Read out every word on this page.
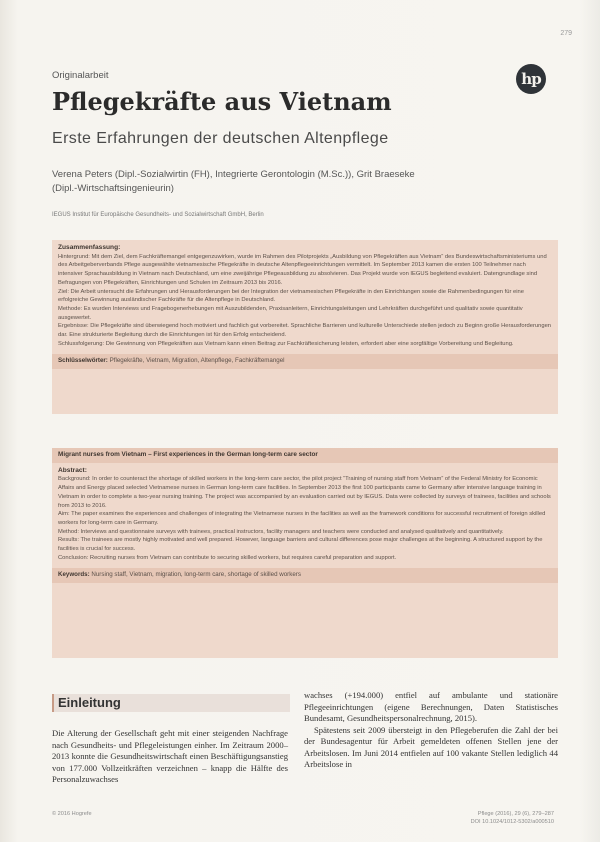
279
Originalarbeit	hp
Pflegekräfte aus Vietnam
Erste Erfahrungen der deutschen Altenpflege
Verena Peters (Dipl.-Sozialwirtin (FH), Integrierte Gerontologin (M.Sc.)), Grit Braeseke
(Dipl.-Wirtschaftsingenieurin)
IEGUS Institut für Europäische Gesundheits- und Sozialwirtschaft GmbH, Berlin

Zusammenfassung:

Hintergrund: Mit dem Ziel, dem Fachkräftemangel entgegenzuwirken, wurde im Rahmen des Pilotprojekts „Ausbildung von Pflegekräften aus Vietnam“ des Bundeswirtschaftsministeriums und des Arbeitgeberverbands Pflege ausgewählte vietnamesische Pflegekräfte in deutsche Altenpflegeeinrichtungen vermittelt. Im September 2013 kamen die ersten 100 Teilnehmer nach intensiver Sprachausbildung in Vietnam nach Deutschland, um eine zweijährige Pflegeausbildung zu absolvieren. Das Projekt wurde von IEGUS begleitend evaluiert. Datengrundlage sind Befragungen von Pflegekräften, Einrichtungen und Schulen im Zeitraum 2013 bis 2016.

Ziel: Die Arbeit untersucht die Erfahrungen und Herausforderungen bei der Integration der vietnamesischen Pflegekräfte in den Einrichtungen sowie die Rahmenbedingungen für eine erfolgreiche Gewinnung ausländischer Fachkräfte für die Altenpflege in Deutschland.

Methode: Es wurden Interviews und Fragebogenerhebungen mit Auszubildenden, Praxisanleitern, Einrichtungsleitungen und Lehrkräften durchgeführt und qualitativ sowie quantitativ ausgewertet.

Ergebnisse: Die Pflegekräfte sind überwiegend hoch motiviert und fachlich gut vorbereitet. Sprachliche Barrieren und kulturelle Unterschiede stellen jedoch zu Beginn große Herausforderungen dar. Eine strukturierte Begleitung durch die Einrichtungen ist für den Erfolg entscheidend.

Schlussfolgerung: Die Gewinnung von Pflegekräften aus Vietnam kann einen Beitrag zur Fachkräftesicherung leisten, erfordert aber eine sorgfältige Vorbereitung und Begleitung.

Schlüsselwörter: Pflegekräfte, Vietnam, Migration, Altenpflege, Fachkräftemangel
Migrant nurses from Vietnam – First experiences in the German long-term care sector

Abstract:

Background: In order to counteract the shortage of skilled workers in the long-term care sector, the pilot project “Training of nursing staff from Vietnam” of the Federal Ministry for Economic Affairs and Energy placed selected Vietnamese nurses in German long-term care facilities. In September 2013 the first 100 participants came to Germany after intensive language training in Vietnam in order to complete a two-year nursing training. The project was accompanied by an evaluation carried out by IEGUS. Data were collected by surveys of trainees, facilities and schools from 2013 to 2016.

Aim: The paper examines the experiences and challenges of integrating the Vietnamese nurses in the facilities as well as the framework conditions for successful recruitment of foreign skilled workers for long-term care in Germany.

Method: Interviews and questionnaire surveys with trainees, practical instructors, facility managers and teachers were conducted and analysed qualitatively and quantitatively.

Results: The trainees are mostly highly motivated and well prepared. However, language barriers and cultural differences pose major challenges at the beginning. A structured support by the facilities is crucial for success.

Conclusion: Recruiting nurses from Vietnam can contribute to securing skilled workers, but requires careful preparation and support.

Keywords: Nursing staff, Vietnam, migration, long-term care, shortage of skilled workers
Einleitung

Die Alterung der Gesellschaft geht mit einer steigenden Nachfrage nach Gesundheits- und Pflegeleistungen einher. Im Zeitraum 2000–2013 konnte die Gesundheitswirtschaft einen Beschäftigungsanstieg von 177.000 Vollzeitkräften verzeichnen – knapp die Hälfte des Personalzuwachses

wachses (+194.000) entfiel auf ambulante und stationäre Pflegeeinrichtungen (eigene Berechnungen, Daten Statistisches Bundesamt, Gesundheitspersonalrechnung, 2015).

Spätestens seit 2009 übersteigt in den Pflegeberufen die Zahl der bei der Bundesagentur für Arbeit gemeldeten offenen Stellen jene der Arbeitslosen. Im Juni 2014 entfielen auf 100 vakante Stellen lediglich 44 Arbeitslose in

© 2016 Hogrefe	Pflege (2016), 29 (6), 279–287
DOI 10.1024/1012-5302/a000510
